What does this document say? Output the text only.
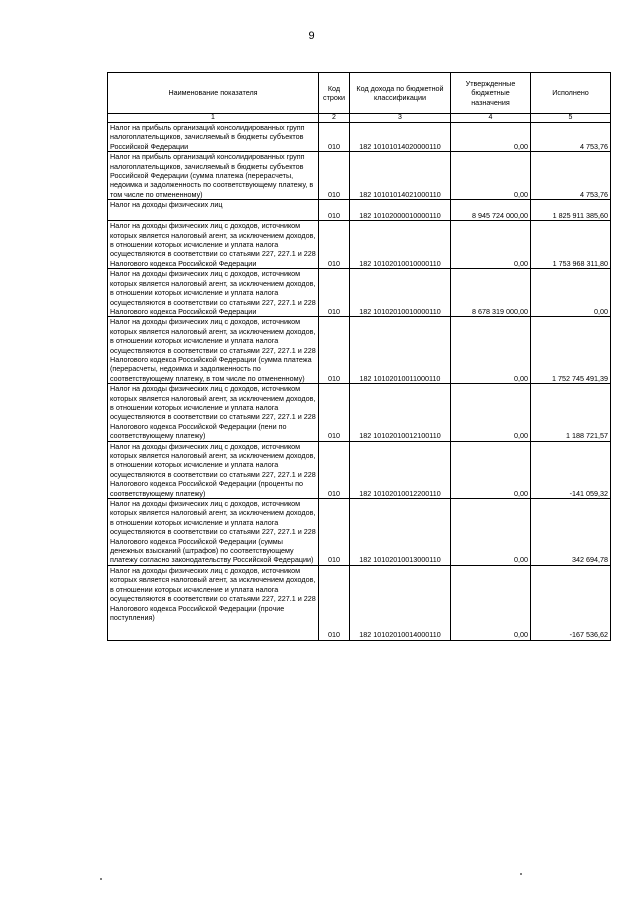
9
Наименование показателя	Код строки	Код дохода по бюджетной классификации	Утвержденные бюджетные назначения	Исполнено
1	2	3	4	5
Налог на прибыль организаций консолидированных групп налогоплательщиков, зачисляемый в бюджеты субъектов Российской Федерации	010	182 10101014020000110	0,00	4 753,76
Налог на прибыль организаций консолидированных групп налогоплательщиков, зачисляемый в бюджеты субъектов Российской Федерации (сумма платежа (перерасчеты, недоимка и задолженность по соответствующему платежу, в том числе по отмененному)	010	182 10101014021000110	0,00	4 753,76
Налог на доходы физических лиц	010	182 10102000010000110	8 945 724 000,00	1 825 911 385,60
Налог на доходы физических лиц с доходов, источником которых является налоговый агент, за исключением доходов, в отношении которых исчисление и уплата налога осуществляются в соответствии со статьями 227, 227.1 и 228 Налогового кодекса Российской Федерации	010	182 10102010010000110	0,00	1 753 968 311,80
Налог на доходы физических лиц с доходов, источником которых является налоговый агент, за исключением доходов, в отношении которых исчисление и уплата налога осуществляются в соответствии со статьями 227, 227.1 и 228 Налогового кодекса Российской Федерации	010	182 10102010010000110	8 678 319 000,00	0,00
Налог на доходы физических лиц с доходов, источником которых является налоговый агент, за исключением доходов, в отношении которых исчисление и уплата налога осуществляются в соответствии со статьями 227, 227.1 и 228 Налогового кодекса Российской Федерации (сумма платежа (перерасчеты, недоимка и задолженность по соответствующему платежу, в том числе по отмененному)	010	182 10102010011000110	0,00	1 752 745 491,39
Налог на доходы физических лиц с доходов, источником которых является налоговый агент, за исключением доходов, в отношении которых исчисление и уплата налога осуществляются в соответствии со статьями 227, 227.1 и 228 Налогового кодекса Российской Федерации (пени по соответствующему платежу)	010	182 10102010012100110	0,00	1 188 721,57
Налог на доходы физических лиц с доходов, источником которых является налоговый агент, за исключением доходов, в отношении которых исчисление и уплата налога осуществляются в соответствии со статьями 227, 227.1 и 228 Налогового кодекса Российской Федерации (проценты по соответствующему платежу)	010	182 10102010012200110	0,00	-141 059,32
Налог на доходы физических лиц с доходов, источником которых является налоговый агент, за исключением доходов, в отношении которых исчисление и уплата налога осуществляются в соответствии со статьями 227, 227.1 и 228 Налогового кодекса Российской Федерации (суммы денежных взысканий (штрафов) по соответствующему платежу согласно законодательству Российской Федерации)	010	182 10102010013000110	0,00	342 694,78
Налог на доходы физических лиц с доходов, источником которых является налоговый агент, за исключением доходов, в отношении которых исчисление и уплата налога осуществляются в соответствии со статьями 227, 227.1 и 228 Налогового кодекса Российской Федерации (прочие поступления)	010	182 10102010014000110	0,00	-167 536,62
